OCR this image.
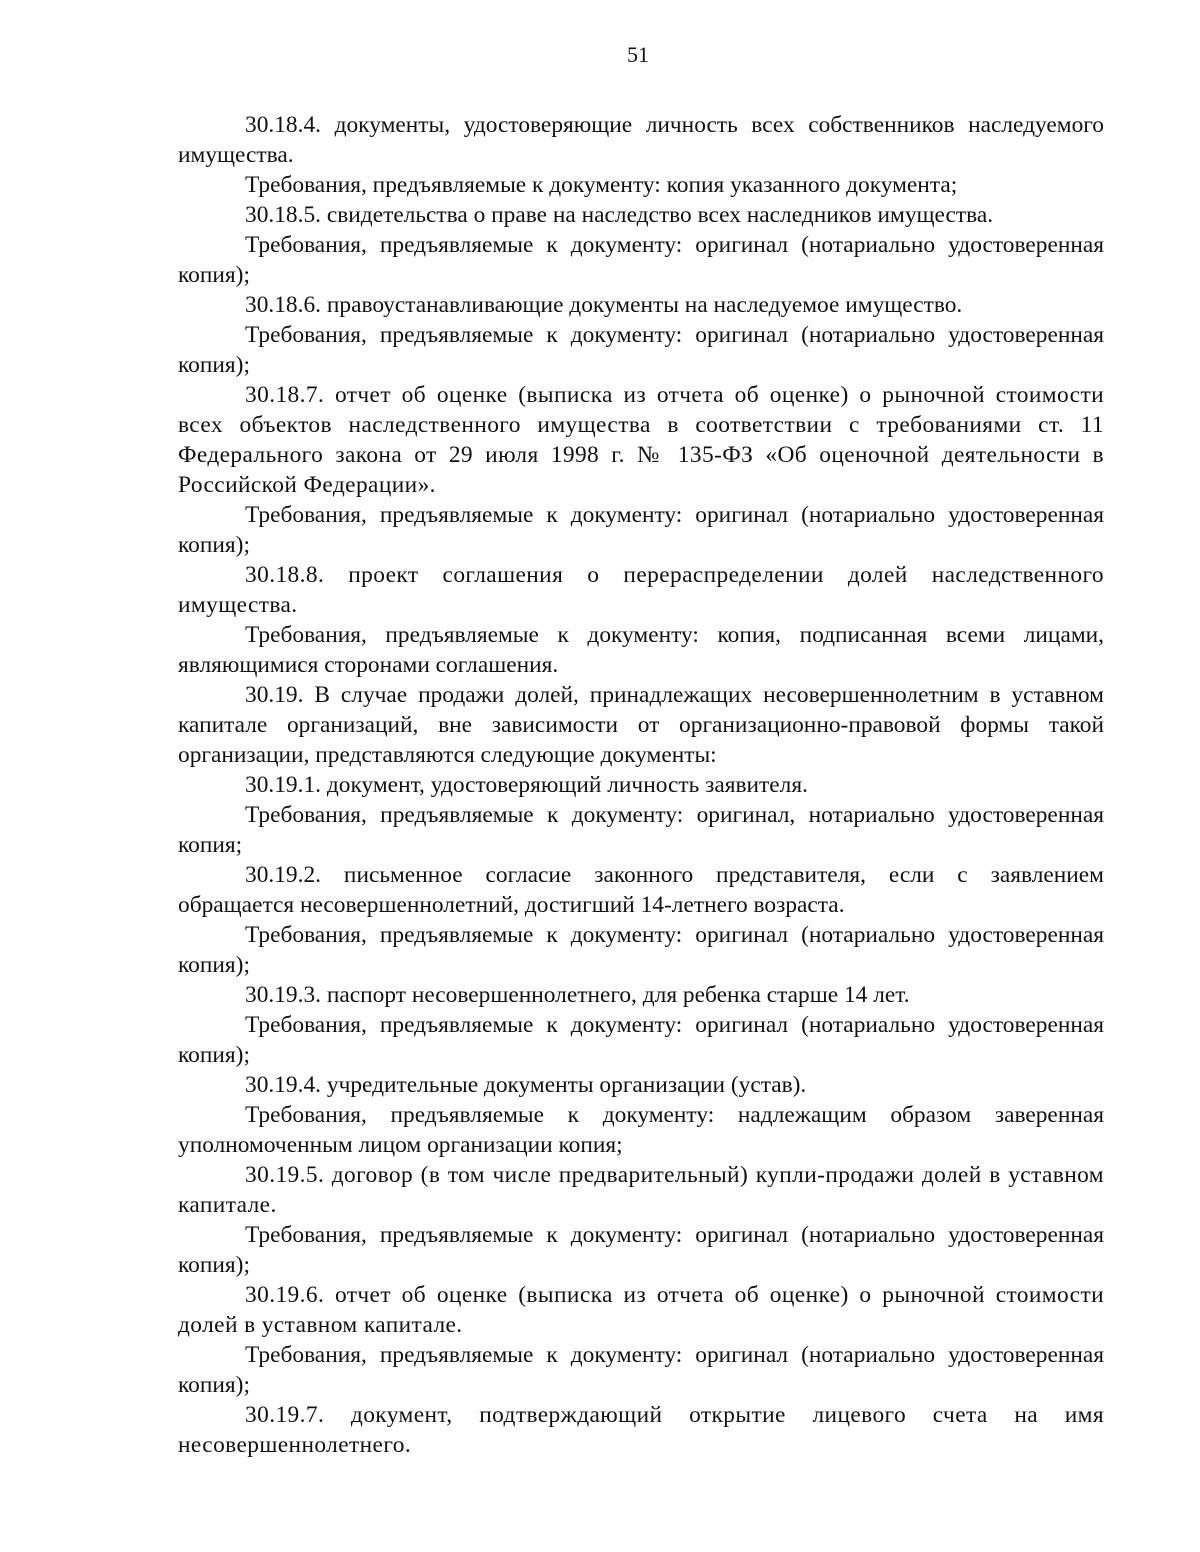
51

30.18.4. документы, удостоверяющие личность всех собственников наследуемого имущества.

Требования, предъявляемые к документу: копия указанного документа;

30.18.5. свидетельства о праве на наследство всех наследников имущества.

Требования, предъявляемые к документу: оригинал (нотариально удостоверенная копия);

30.18.6. правоустанавливающие документы на наследуемое имущество.

Требования, предъявляемые к документу: оригинал (нотариально удостоверенная копия);

30.18.7. отчет об оценке (выписка из отчета об оценке) о рыночной стоимости всех объектов наследственного имущества в соответствии с требованиями ст. 11 Федерального закона от 29 июля 1998 г. № 135-ФЗ «Об оценочной деятельности в Российской Федерации».

Требования, предъявляемые к документу: оригинал (нотариально удостоверенная копия);

30.18.8. проект соглашения о перераспределении долей наследственного имущества.

Требования, предъявляемые к документу: копия, подписанная всеми лицами, являющимися сторонами соглашения.

30.19. В случае продажи долей, принадлежащих несовершеннолетним в уставном капитале организаций, вне зависимости от организационно-правовой формы такой организации, представляются следующие документы:

30.19.1. документ, удостоверяющий личность заявителя.

Требования, предъявляемые к документу: оригинал, нотариально удостоверенная копия;

30.19.2. письменное согласие законного представителя, если с заявлением обращается несовершеннолетний, достигший 14-летнего возраста.

Требования, предъявляемые к документу: оригинал (нотариально удостоверенная копия);

30.19.3. паспорт несовершеннолетнего, для ребенка старше 14 лет.

Требования, предъявляемые к документу: оригинал (нотариально удостоверенная копия);

30.19.4. учредительные документы организации (устав).

Требования, предъявляемые к документу: надлежащим образом заверенная уполномоченным лицом организации копия;

30.19.5. договор (в том числе предварительный) купли-продажи долей в уставном капитале.

Требования, предъявляемые к документу: оригинал (нотариально удостоверенная копия);

30.19.6. отчет об оценке (выписка из отчета об оценке) о рыночной стоимости долей в уставном капитале.

Требования, предъявляемые к документу: оригинал (нотариально удостоверенная копия);

30.19.7. документ, подтверждающий открытие лицевого счета на имя несовершеннолетнего.
